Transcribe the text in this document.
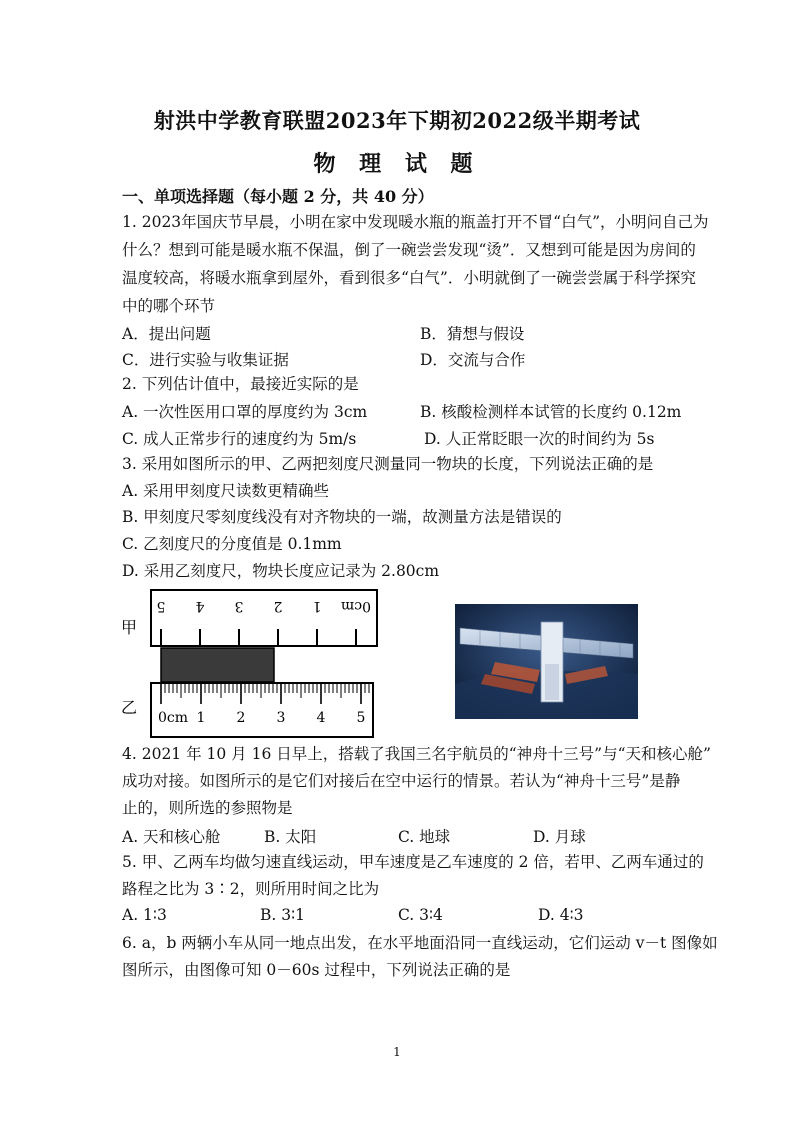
射洪中学教育联盟2023年下期初2022级半期考试
物 理 试 题
一、单项选择题（每小题 2 分，共 40 分）
1. 2023年国庆节早晨，小明在家中发现暖水瓶的瓶盖打开不冒“白气”，小明问自己为
什么？想到可能是暖水瓶不保温，倒了一碗尝尝发现“烫”．又想到可能是因为房间的
温度较高，将暖水瓶拿到屋外，看到很多“白气”．小明就倒了一碗尝尝属于科学探究
中的哪个环节
A．提出问题	B．猜想与假设
C．进行实验与收集证据	D．交流与合作
2. 下列估计值中，最接近实际的是
A. 一次性医用口罩的厚度约为 3cm	B. 核酸检测样本试管的长度约 0.12m
C. 成人正常步行的速度约为 5m/s	D. 人正常眨眼一次的时间约为 5s
3. 采用如图所示的甲、乙两把刻度尺测量同一物块的长度，下列说法正确的是
A. 采用甲刻度尺读数更精确些
B. 甲刻度尺零刻度线没有对齐物块的一端，故测量方法是错误的
C. 乙刻度尺的分度值是 0.1mm
D. 采用乙刻度尺，物块长度应记录为 2.80cm
甲
5 4 3 2 1 0cm
乙
0cm 1 2 3 4 5
4. 2021 年 10 月 16 日早上，搭载了我国三名宇航员的“神舟十三号”与“天和核心舱”
成功对接。如图所示的是它们对接后在空中运行的情景。若认为“神舟十三号”是静
止的，则所选的参照物是
A. 天和核心舱	B. 太阳	C. 地球	D. 月球
5. 甲、乙两车均做匀速直线运动，甲车速度是乙车速度的 2 倍，若甲、乙两车通过的
路程之比为 3∶2，则所用时间之比为
A. 1∶3	B. 3∶1	C. 3∶4	D. 4∶3
6. a，b 两辆小车从同一地点出发，在水平地面沿同一直线运动，它们运动 v－t 图像如
图所示，由图像可知 0－60s 过程中，下列说法正确的是
1
